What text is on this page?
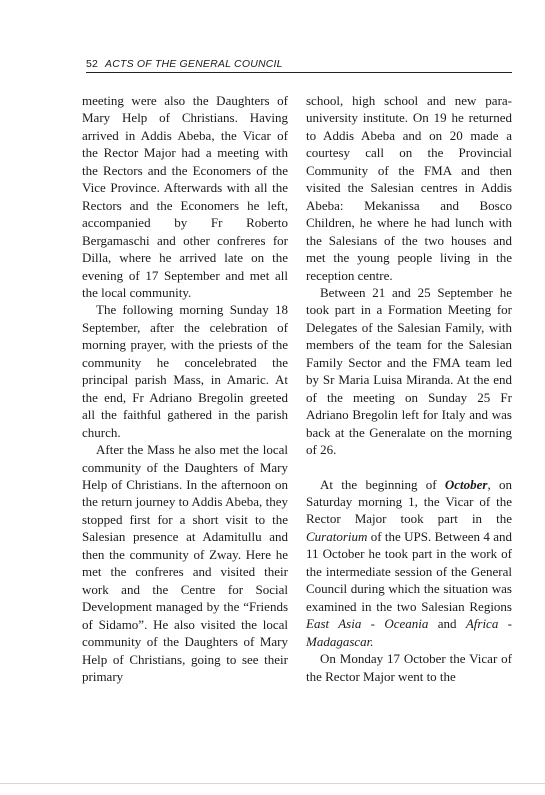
52 ACTS OF THE GENERAL COUNCIL

meeting were also the Daughters of Mary Help of Christians. Having arrived in Addis Abeba, the Vicar of the Rector Major had a meeting with the Rectors and the Economers of the Vice Province. Afterwards with all the Rectors and the Economers he left, accompanied by Fr Roberto Bergamaschi and other confreres for Dilla, where he arrived late on the evening of 17 September and met all the local community.

The following morning Sunday 18 September, after the celebration of morning prayer, with the priests of the community he concelebrated the principal parish Mass, in Amaric. At the end, Fr Adriano Bregolin greeted all the faithful gathered in the parish church.

After the Mass he also met the local community of the Daughters of Mary Help of Christians. In the afternoon on the return journey to Addis Abeba, they stopped first for a short visit to the Salesian presence at Adamitullu and then the community of Zway. Here he met the confreres and visited their work and the Centre for Social Development managed by the “Friends of Sidamo”. He also visited the local community of the Daughters of Mary Help of Christians, going to see their primary

school, high school and new para-university institute. On 19 he returned to Addis Abeba and on 20 made a courtesy call on the Provincial Community of the FMA and then visited the Salesian centres in Addis Abeba: Mekanissa and Bosco Children, he where he had lunch with the Salesians of the two houses and met the young people living in the reception centre.

Between 21 and 25 September he took part in a Formation Meeting for Delegates of the Salesian Family, with members of the team for the Salesian Family Sector and the FMA team led by Sr Maria Luisa Miranda. At the end of the meeting on Sunday 25 Fr Adriano Bregolin left for Italy and was back at the Generalate on the morning of 26.

At the beginning of October, on Saturday morning 1, the Vicar of the Rector Major took part in the Curatorium of the UPS. Between 4 and 11 October he took part in the work of the intermediate session of the General Council during which the situation was examined in the two Salesian Regions East Asia - Oceania and Africa - Madagascar.

On Monday 17 October the Vicar of the Rector Major went to the
